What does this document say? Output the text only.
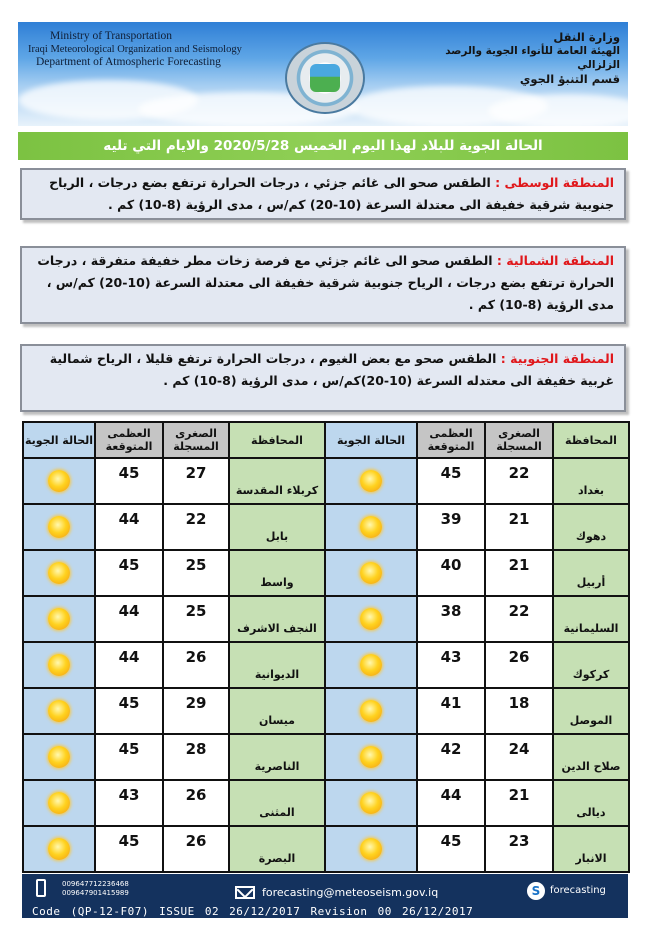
Ministry of Transportation
Iraqi Meteorological Organization and Seismology
Department of Atmospheric Forecasting
وزارة النقل
الهيئة العامة للأنواء الجوية والرصد الزلزالي
قسم التنبؤ الجوي
الحالة الجوية للبلاد لهذا اليوم الخميس 2020/5/28 والايام التي تليه
المنطقة الوسطى : الطقس صحو الى غائم جزئي ، درجات الحرارة ترتفع بضع درجات ، الرياح جنوبية شرقية خفيفة الى معتدلة السرعة (10-20) كم/س ، مدى الرؤية (8-10) كم .
المنطقة الشمالية : الطقس صحو الى غائم جزئي مع فرصة زخات مطر خفيفة متفرقة ، درجات الحرارة ترتفع بضع درجات ، الرياح جنوبية شرقية خفيفة الى معتدلة السرعة (10-20) كم/س ، مدى الرؤية (8-10) كم .
المنطقة الجنوبية : الطقس صحو مع بعض الغيوم ، درجات الحرارة ترتفع قليلا ، الرياح شمالية غربية خفيفة الى معتدله السرعة (10-20)كم/س ، مدى الرؤية (8-10) كم .
المحافظة	الصغرى المسجلة	العظمى المتوقعة	الحالة الجوية	المحافظة	الصغرى المسجلة	العظمى المتوقعة	الحالة الجوية
بغداد	22	45		كربلاء المقدسة	27	45	
دهوك	21	39		بابل	22	44	
أربيل	21	40		واسط	25	45	
السليمانية	22	38		النجف الاشرف	25	44	
كركوك	26	43		الديوانية	26	44	
الموصل	18	41		ميسان	29	45	
صلاح الدين	24	42		الناصرية	28	45	
ديالى	21	44		المثنى	26	43	
الانبار	23	45		البصرة	26	45	
009647712236468
009647901415989	forecasting@meteoseism.gov.iq	S forecasting
Code (QP-12-F07) ISSUE 02 26/12/2017 Revision 00 26/12/2017
